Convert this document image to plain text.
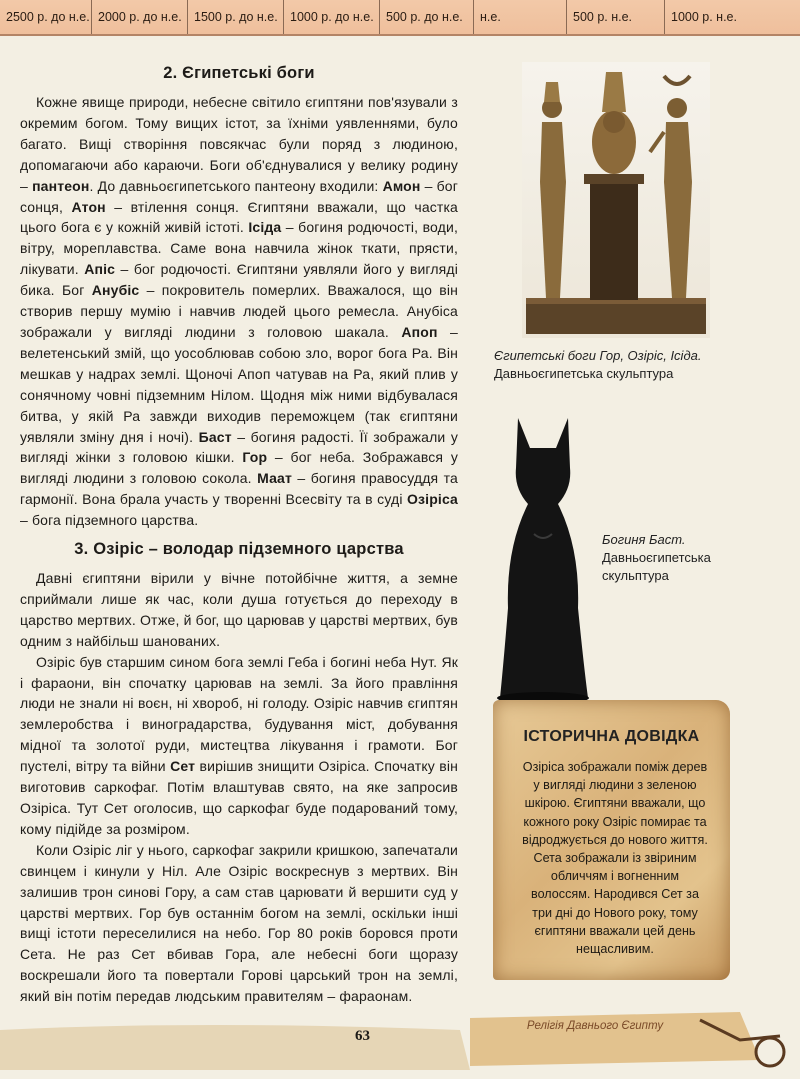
2500 р. до н.е. 2000 р. до н.е. 1500 р. до н.е. 1000 р. до н.е. 500 р. до н.е.	н.е.	500 р. н.е.	1000 р. н.е.
2. Єгипетські боги

Кожне явище природи, небесне світило єгиптяни пов'язували з окремим богом. Тому вищих істот, за їхніми уявленнями, було багато. Вищі створіння повсякчас були поряд з людиною, допомагаючи або караючи. Боги об'єднувалися у велику родину – пантеон. До давньоєгипетського пантеону входили: Амон – бог сонця, Атон – втілення сонця. Єгиптяни вважали, що частка цього бога є у кожній живій істоті. Ісіда – богиня родючості, води, вітру, мореплавства. Саме вона навчила жінок ткати, прясти, лікувати. Апіс – бог родючості. Єгиптяни уявляли його у вигляді бика. Бог Анубіс – покровитель померлих. Вважалося, що він створив першу мумію і навчив людей цього ремесла. Анубіса зображали у вигляді людини з головою шакала. Апоп – велетенський змій, що уособлював собою зло, ворог бога Ра. Він мешкав у надрах землі. Щоночі Апоп чатував на Ра, який плив у сонячному човні підземним Нілом. Щодня між ними відбувалася битва, у якій Ра завжди виходив переможцем (так єгиптяни уявляли зміну дня і ночі). Баст – богиня радості. Її зображали у вигляді жінки з головою кішки. Гор – бог неба. Зображався у вигляді людини з головою сокола. Маат – богиня правосуддя та гармонії. Вона брала участь у творенні Всесвіту та в суді Озіріса – бога підземного царства.

3. Озіріс – володар підземного царства

Давні єгиптяни вірили у вічне потойбічне життя, а земне сприймали лише як час, коли душа готується до переходу в царство мертвих. Отже, й бог, що царював у царстві мертвих, був одним з найбільш шанованих.

Озіріс був старшим сином бога землі Геба і богині неба Нут. Як і фараони, він спочатку царював на землі. За його правління люди не знали ні воєн, ні хвороб, ні голоду. Озіріс навчив єгиптян землеробства і виноградарства, будування міст, добування мідної та золотої руди, мистецтва лікування і грамоти. Бог пустелі, вітру та війни Сет вирішив знищити Озіріса. Спочатку він виготовив саркофаг. Потім влаштував свято, на яке запросив Озіріса. Тут Сет оголосив, що саркофаг буде подарований тому, кому підійде за розміром.

Коли Озіріс ліг у нього, саркофаг закрили кришкою, запечатали свинцем і кинули у Ніл. Але Озіріс воскреснув з мертвих. Він залишив трон синові Гору, а сам став царювати й вершити суд у царстві мертвих. Гор був останнім богом на землі, оскільки інші вищі істоти переселилися на небо. Гор 80 років боровся проти Сета. Не раз Сет вбивав Гора, але небесні боги щоразу воскрешали його та повертали Горові царський трон на землі, який він потім передав людським правителям – фараонам.

Єгипетські боги Гор, Озіріс, Ісіда.
Давньоєгипетська скульптура
Богиня Баст.
Давньоєгипетська скульптура
ІСТОРИЧНА ДОВІДКА
Озіріса зображали поміж дерев у вигляді людини з зеленою шкірою. Єгиптяни вважали, що кожного року Озіріс помирає та відроджується до нового життя. Сета зображали із звіриним обличчям і вогненним волоссям. Народився Сет за три дні до Нового року, тому єгиптяни вважали цей день нещасливим.
63
Релігія Давнього Єгипту
